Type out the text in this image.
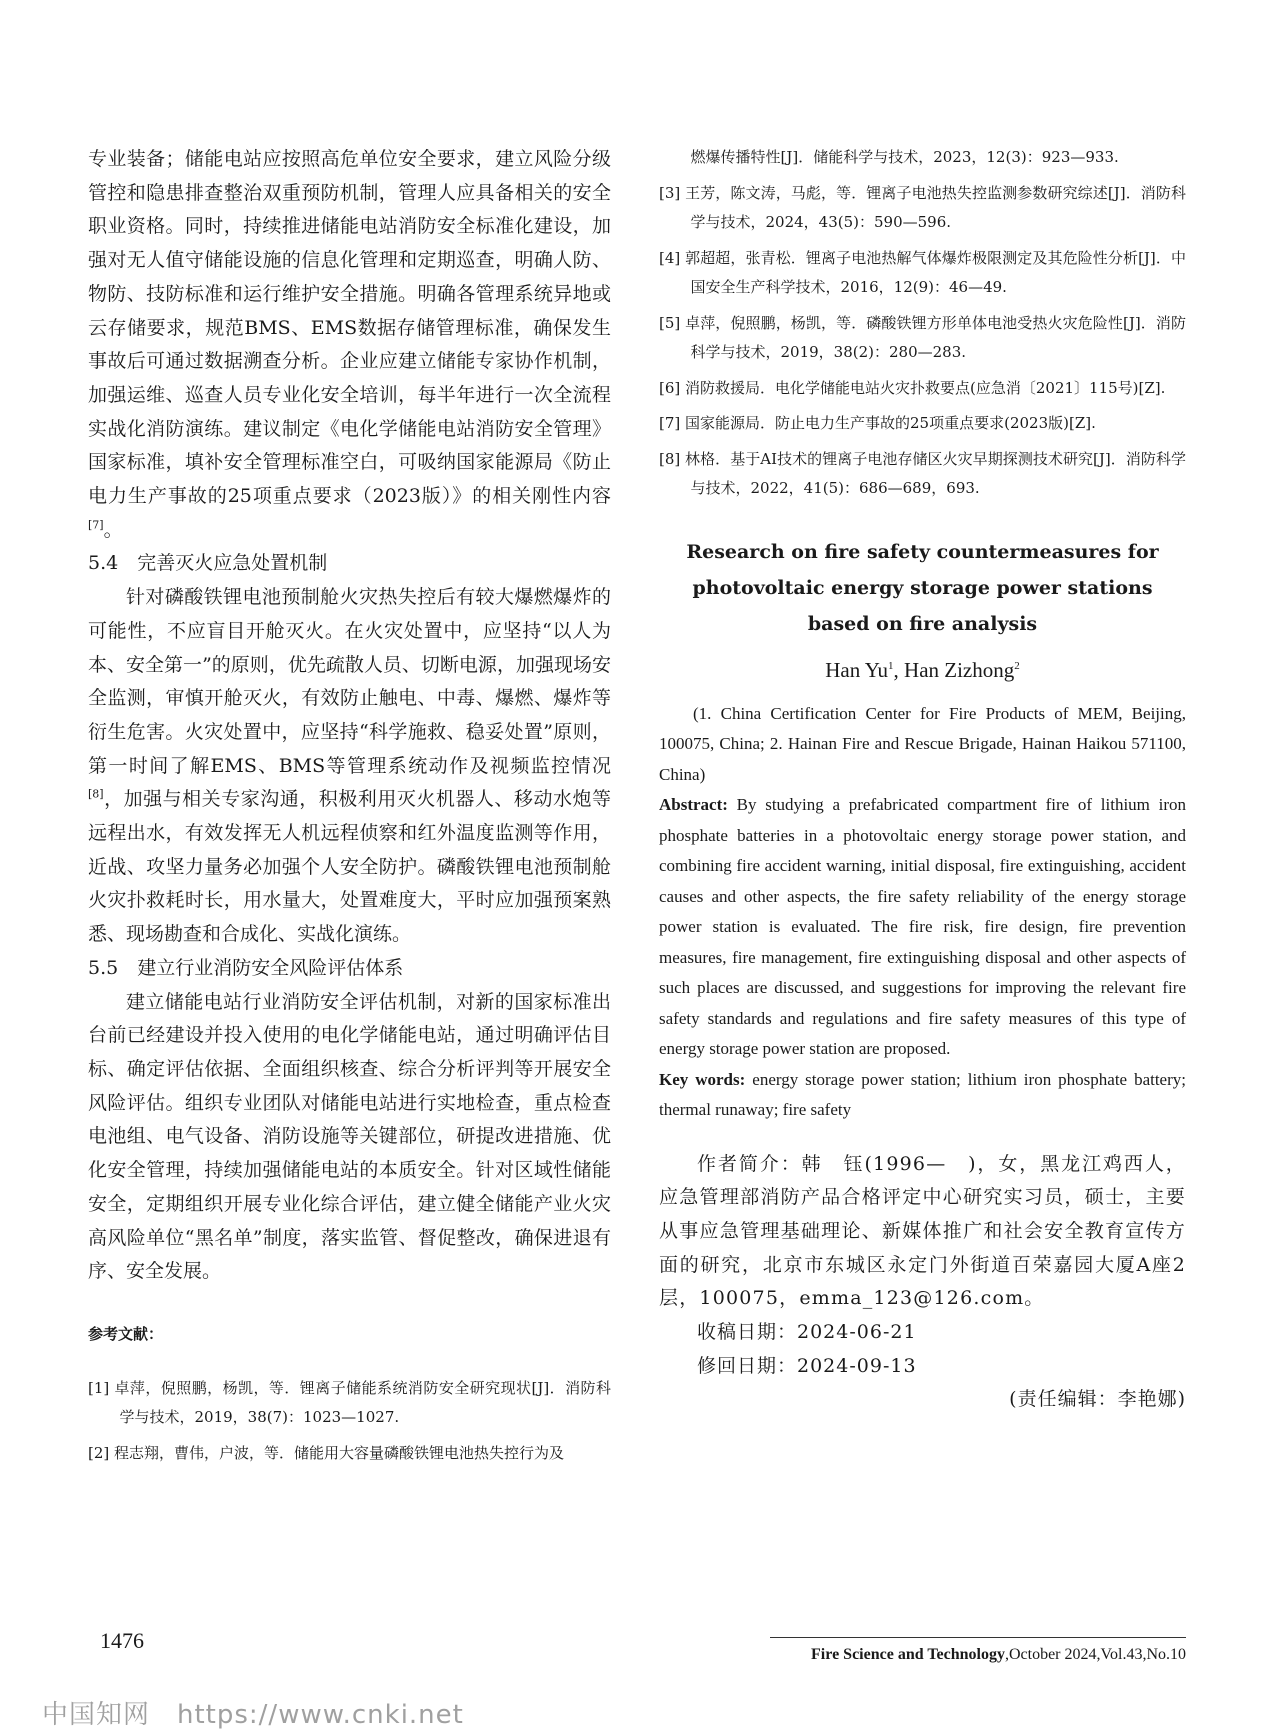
专业装备；储能电站应按照高危单位安全要求，建立风险分级管控和隐患排查整治双重预防机制，管理人应具备相关的安全职业资格。同时，持续推进储能电站消防安全标准化建设，加强对无人值守储能设施的信息化管理和定期巡查，明确人防、物防、技防标准和运行维护安全措施。明确各管理系统异地或云存储要求，规范BMS、EMS数据存储管理标准，确保发生事故后可通过数据溯查分析。企业应建立储能专家协作机制，加强运维、巡查人员专业化安全培训，每半年进行一次全流程实战化消防演练。建议制定《电化学储能电站消防安全管理》国家标准，填补安全管理标准空白，可吸纳国家能源局《防止电力生产事故的25项重点要求（2023版）》的相关刚性内容[7]。

5.4　完善灭火应急处置机制

针对磷酸铁锂电池预制舱火灾热失控后有较大爆燃爆炸的可能性，不应盲目开舱灭火。在火灾处置中，应坚持“以人为本、安全第一”的原则，优先疏散人员、切断电源，加强现场安全监测，审慎开舱灭火，有效防止触电、中毒、爆燃、爆炸等衍生危害。火灾处置中，应坚持“科学施救、稳妥处置”原则，第一时间了解EMS、BMS等管理系统动作及视频监控情况[8]，加强与相关专家沟通，积极利用灭火机器人、移动水炮等远程出水，有效发挥无人机远程侦察和红外温度监测等作用，近战、攻坚力量务必加强个人安全防护。磷酸铁锂电池预制舱火灾扑救耗时长，用水量大，处置难度大，平时应加强预案熟悉、现场勘查和合成化、实战化演练。

5.5　建立行业消防安全风险评估体系

建立储能电站行业消防安全评估机制，对新的国家标准出台前已经建设并投入使用的电化学储能电站，通过明确评估目标、确定评估依据、全面组织核查、综合分析评判等开展安全风险评估。组织专业团队对储能电站进行实地检查，重点检查电池组、电气设备、消防设施等关键部位，研提改进措施、优化安全管理，持续加强储能电站的本质安全。针对区域性储能安全，定期组织开展专业化综合评估，建立健全储能产业火灾高风险单位“黑名单”制度，落实监管、督促整改，确保进退有序、安全发展。

参考文献：

[1] 卓萍，倪照鹏，杨凯，等．锂离子储能系统消防安全研究现状[J]．消防科学与技术，2019，38(7)：1023—1027.

[2] 程志翔，曹伟，户波，等．储能用大容量磷酸铁锂电池热失控行为及

燃爆传播特性[J]．储能科学与技术，2023，12(3)：923—933.

[3] 王芳，陈文涛，马彪，等．锂离子电池热失控监测参数研究综述[J]．消防科学与技术，2024，43(5)：590—596.

[4] 郭超超，张青松．锂离子电池热解气体爆炸极限测定及其危险性分析[J]．中国安全生产科学技术，2016，12(9)：46—49.

[5] 卓萍，倪照鹏，杨凯，等．磷酸铁锂方形单体电池受热火灾危险性[J]．消防科学与技术，2019，38(2)：280—283.

[6] 消防救援局．电化学储能电站火灾扑救要点(应急消〔2021〕115号)[Z].

[7] 国家能源局．防止电力生产事故的25项重点要求(2023版)[Z].

[8] 林格．基于AI技术的锂离子电池存储区火灾早期探测技术研究[J]．消防科学与技术，2022，41(5)：686—689，693.

Research on fire safety countermeasures for photovoltaic energy storage power stations based on fire analysis
Han Yu$^1$, Han Zizhong$^2$

(1. China Certification Center for Fire Products of MEM, Beijing, 100075, China; 2. Hainan Fire and Rescue Brigade, Hainan Haikou 571100, China)

Abstract: By studying a prefabricated compartment fire of lithium iron phosphate batteries in a photovoltaic energy storage power station, and combining fire accident warning, initial disposal, fire extinguishing, accident causes and other aspects, the fire safety reliability of the energy storage power station is evaluated. The fire risk, fire design, fire prevention measures, fire management, fire extinguishing disposal and other aspects of such places are discussed, and suggestions for improving the relevant fire safety standards and regulations and fire safety measures of this type of energy storage power station are proposed.

Key words: energy storage power station; lithium iron phosphate battery; thermal runaway; fire safety

作者简介：韩　钰(1996—　)，女，黑龙江鸡西人，应急管理部消防产品合格评定中心研究实习员，硕士，主要从事应急管理基础理论、新媒体推广和社会安全教育宣传方面的研究，北京市东城区永定门外街道百荣嘉园大厦A座2层，100075，emma_123@126.com。

收稿日期：2024-06-21

修回日期：2024-09-13

(责任编辑：李艳娜)

1476
Fire Science and Technology,October 2024,Vol.43,No.10
中国知网　https://www.cnki.net
